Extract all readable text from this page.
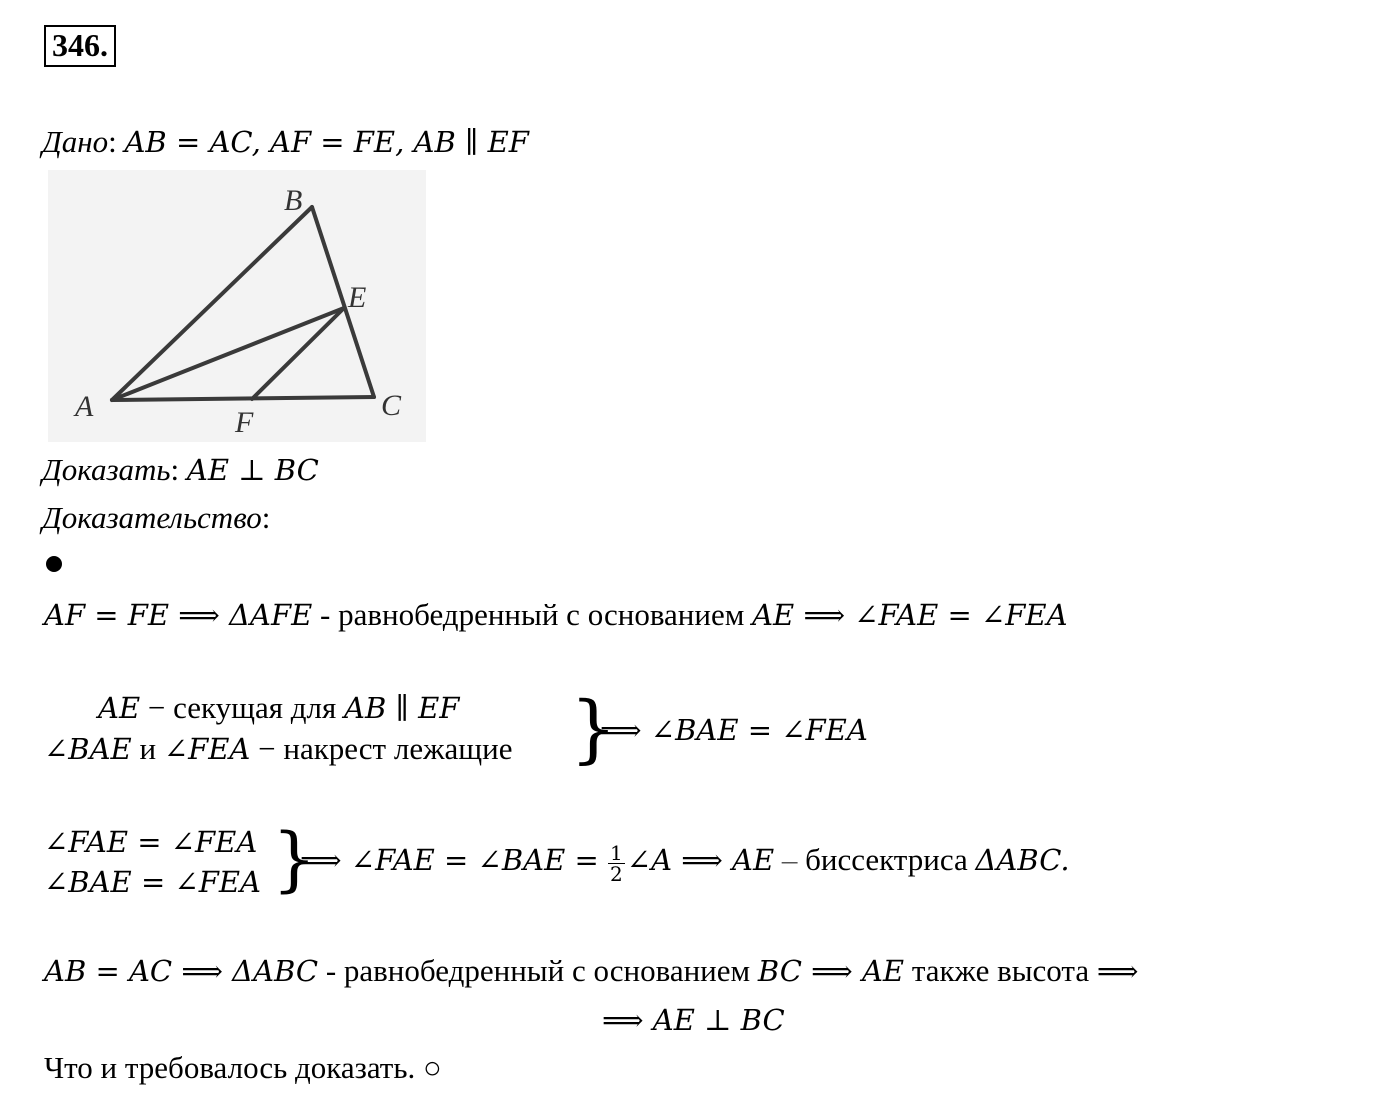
346.
Дано: AB = AC, AF = FE, AB ∥ EF
B
E
A	C
F
Доказать: AE ⊥ BC
Доказательство:
AF = FE ⟹ ΔAFE - равнобедренный с основанием AE ⟹ ∠FAE = ∠FEA
AE − секущая для AB ∥ EF
∠BAE и ∠FEA − накрест лежащие }
⟹ ∠BAE = ∠FEA
∠FAE = ∠FEA
∠BAE = ∠FEA }
⟹ ∠FAE = ∠BAE = $\frac{1}{2}$ ∠A ⟹ AE – биссектриса ΔABC.
AB = AC ⟹ ΔABC - равнобедренный с основанием BC ⟹ AE также высота ⟹
⟹ AE ⊥ BC
Что и требовалось доказать. ○
